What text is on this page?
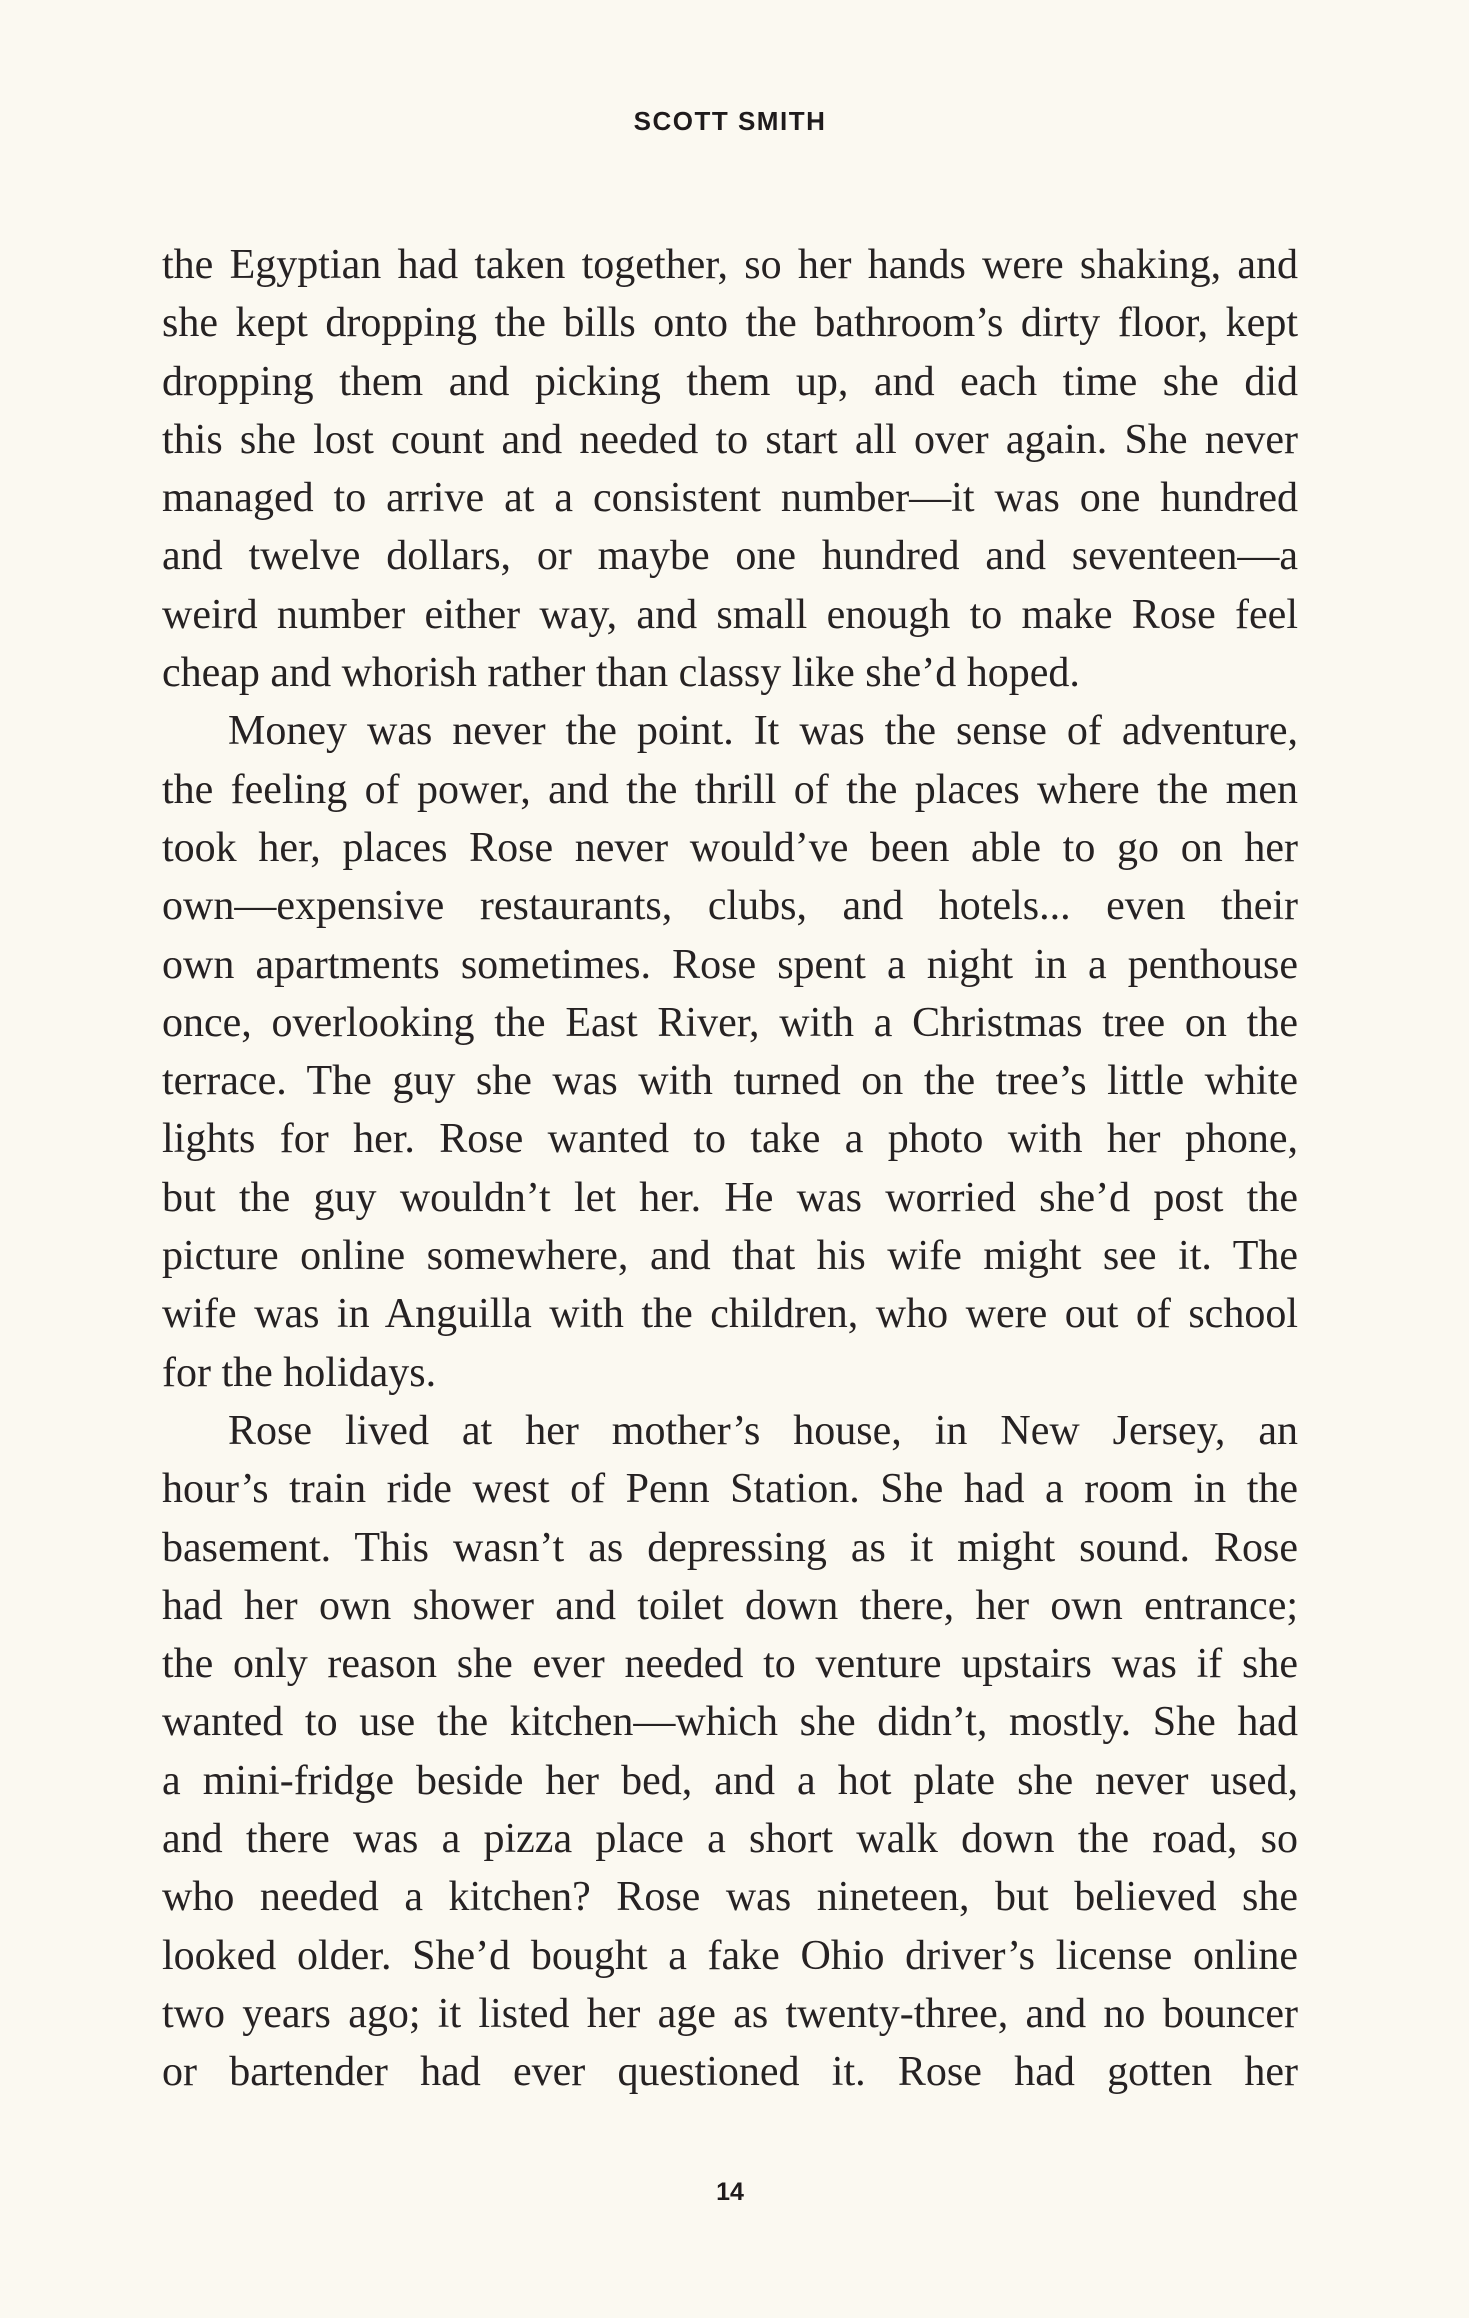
SCOTT SMITH
the Egyptian had taken together, so her hands were shaking, and
she kept dropping the bills onto the bathroom’s dirty floor, kept
dropping them and picking them up, and each time she did
this she lost count and needed to start all over again. She never
managed to arrive at a consistent number—it was one hundred
and twelve dollars, or maybe one hundred and seventeen—a
weird number either way, and small enough to make Rose feel
cheap and whorish rather than classy like she’d hoped.
Money was never the point. It was the sense of adventure,
the feeling of power, and the thrill of the places where the men
took her, places Rose never would’ve been able to go on her
own—expensive restaurants, clubs, and hotels... even their
own apartments sometimes. Rose spent a night in a penthouse
once, overlooking the East River, with a Christmas tree on the
terrace. The guy she was with turned on the tree’s little white
lights for her. Rose wanted to take a photo with her phone,
but the guy wouldn’t let her. He was worried she’d post the
picture online somewhere, and that his wife might see it. The
wife was in Anguilla with the children, who were out of school
for the holidays.
Rose lived at her mother’s house, in New Jersey, an
hour’s train ride west of Penn Station. She had a room in the
basement. This wasn’t as depressing as it might sound. Rose
had her own shower and toilet down there, her own entrance;
the only reason she ever needed to venture upstairs was if she
wanted to use the kitchen—which she didn’t, mostly. She had
a mini-fridge beside her bed, and a hot plate she never used,
and there was a pizza place a short walk down the road, so
who needed a kitchen? Rose was nineteen, but believed she
looked older. She’d bought a fake Ohio driver’s license online
two years ago; it listed her age as twenty-three, and no bouncer
or bartender had ever questioned it. Rose had gotten her
14
